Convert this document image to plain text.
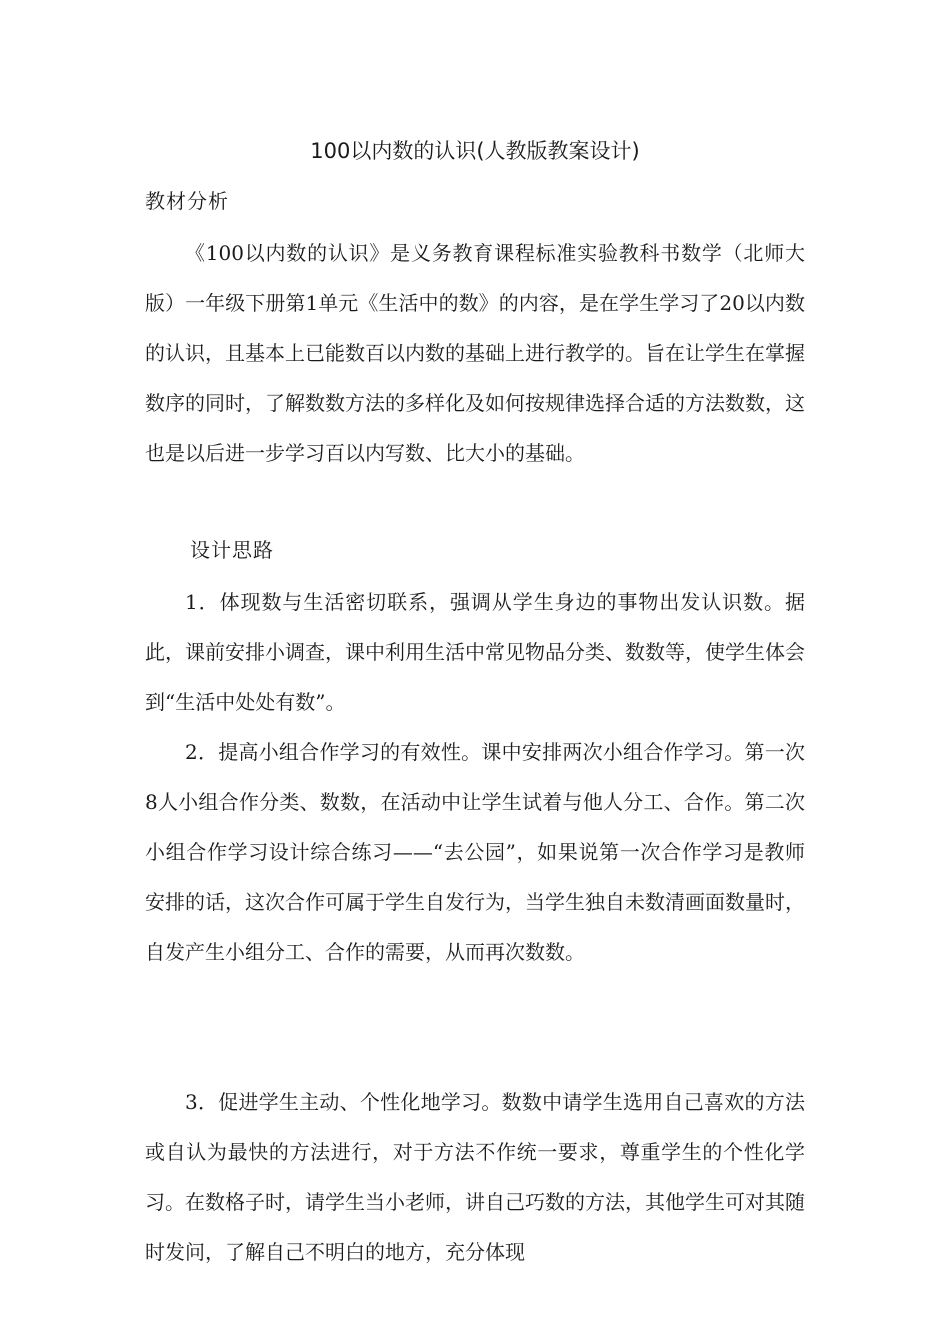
100以内数的认识(人教版教案设计)
教材分析

《100以内数的认识》是义务教育课程标准实验教科书数学（北师大版）一年级下册第1单元《生活中的数》的内容，是在学生学习了20以内数的认识，且基本上已能数百以内数的基础上进行教学的。旨在让学生在掌握数序的同时，了解数数方法的多样化及如何按规律选择合适的方法数数，这也是以后进一步学习百以内写数、比大小的基础。

设计思路

1．体现数与生活密切联系，强调从学生身边的事物出发认识数。据此，课前安排小调查，课中利用生活中常见物品分类、数数等，使学生体会到“生活中处处有数”。

2．提高小组合作学习的有效性。课中安排两次小组合作学习。第一次8人小组合作分类、数数，在活动中让学生试着与他人分工、合作。第二次小组合作学习设计综合练习——“去公园”，如果说第一次合作学习是教师安排的话，这次合作可属于学生自发行为，当学生独自未数清画面数量时，自发产生小组分工、合作的需要，从而再次数数。

3．促进学生主动、个性化地学习。数数中请学生选用自己喜欢的方法或自认为最快的方法进行，对于方法不作统一要求，尊重学生的个性化学习。在数格子时，请学生当小老师，讲自己巧数的方法，其他学生可对其随时发问，了解自己不明白的地方，充分体现
